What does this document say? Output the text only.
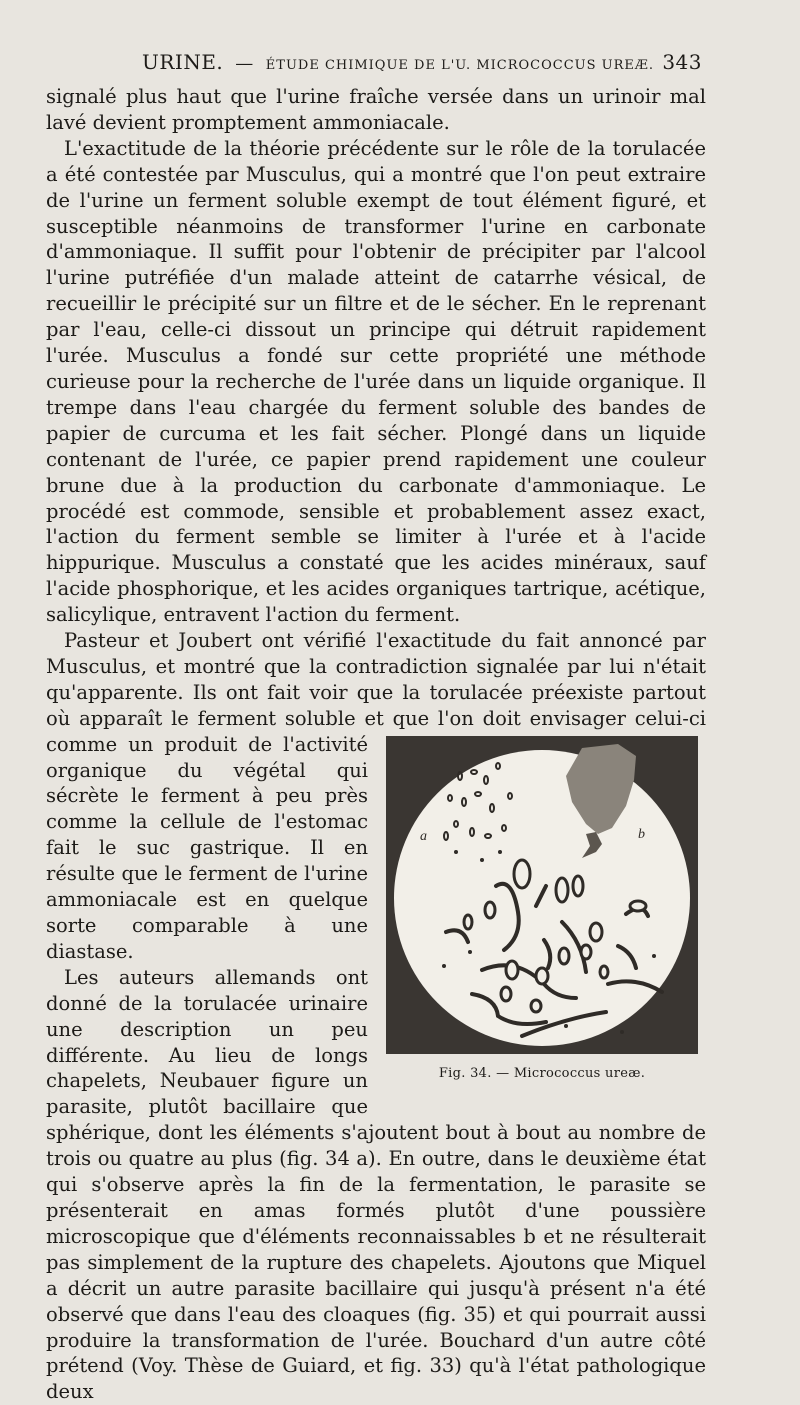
URINE. — ÉTUDE CHIMIQUE DE L'U. MICROCOCCUS UREÆ. 343
a	b
Fig. 34. — Micrococcus ureæ.

signalé plus haut que l'urine fraîche versée dans un urinoir mal lavé devient promptement ammoniacale.

L'exactitude de la théorie précédente sur le rôle de la torulacée a été contestée par Musculus, qui a montré que l'on peut extraire de l'urine un ferment soluble exempt de tout élément figuré, et susceptible néanmoins de transformer l'urine en carbonate d'ammoniaque. Il suffit pour l'obtenir de précipiter par l'alcool l'urine putréfiée d'un malade atteint de catarrhe vésical, de recueillir le précipité sur un filtre et de le sécher. En le reprenant par l'eau, celle-ci dissout un principe qui détruit rapidement l'urée. Musculus a fondé sur cette propriété une méthode curieuse pour la recherche de l'urée dans un liquide organique. Il trempe dans l'eau chargée du ferment soluble des bandes de papier de curcuma et les fait sécher. Plongé dans un liquide contenant de l'urée, ce papier prend rapidement une couleur brune due à la production du carbonate d'ammoniaque. Le procédé est commode, sensible et probablement assez exact, l'action du ferment semble se limiter à l'urée et à l'acide hippurique. Musculus a constaté que les acides minéraux, sauf l'acide phosphorique, et les acides organiques tartrique, acétique, salicylique, entravent l'action du ferment.

Pasteur et Joubert ont vérifié l'exactitude du fait annoncé par Musculus, et montré que la contradiction signalée par lui n'était qu'apparente. Ils ont fait voir que la torulacée préexiste partout où apparaît le ferment soluble et que l'on doit envisager celui-ci comme un produit de l'activité organique du végétal qui sécrète le ferment à peu près comme la cellule de l'estomac fait le suc gastrique. Il en résulte que le ferment de l'urine ammoniacale est en quelque sorte comparable à une diastase.

Les auteurs allemands ont donné de la torulacée urinaire une description un peu différente. Au lieu de longs chapelets, Neubauer figure un parasite, plutôt bacillaire que sphérique, dont les éléments s'ajoutent bout à bout au nombre de trois ou quatre au plus (fig. 34 a). En outre, dans le deuxième état qui s'observe après la fin de la fermentation, le parasite se présenterait en amas formés plutôt d'une poussière microscopique que d'éléments reconnaissables b et ne résulterait pas simplement de la rupture des chapelets. Ajoutons que Miquel a décrit un autre parasite bacillaire qui jusqu'à présent n'a été observé que dans l'eau des cloaques (fig. 35) et qui pourrait aussi produire la transformation de l'urée. Bouchard d'un autre côté prétend (Voy. Thèse de Guiard, et fig. 33) qu'à l'état pathologique deux
